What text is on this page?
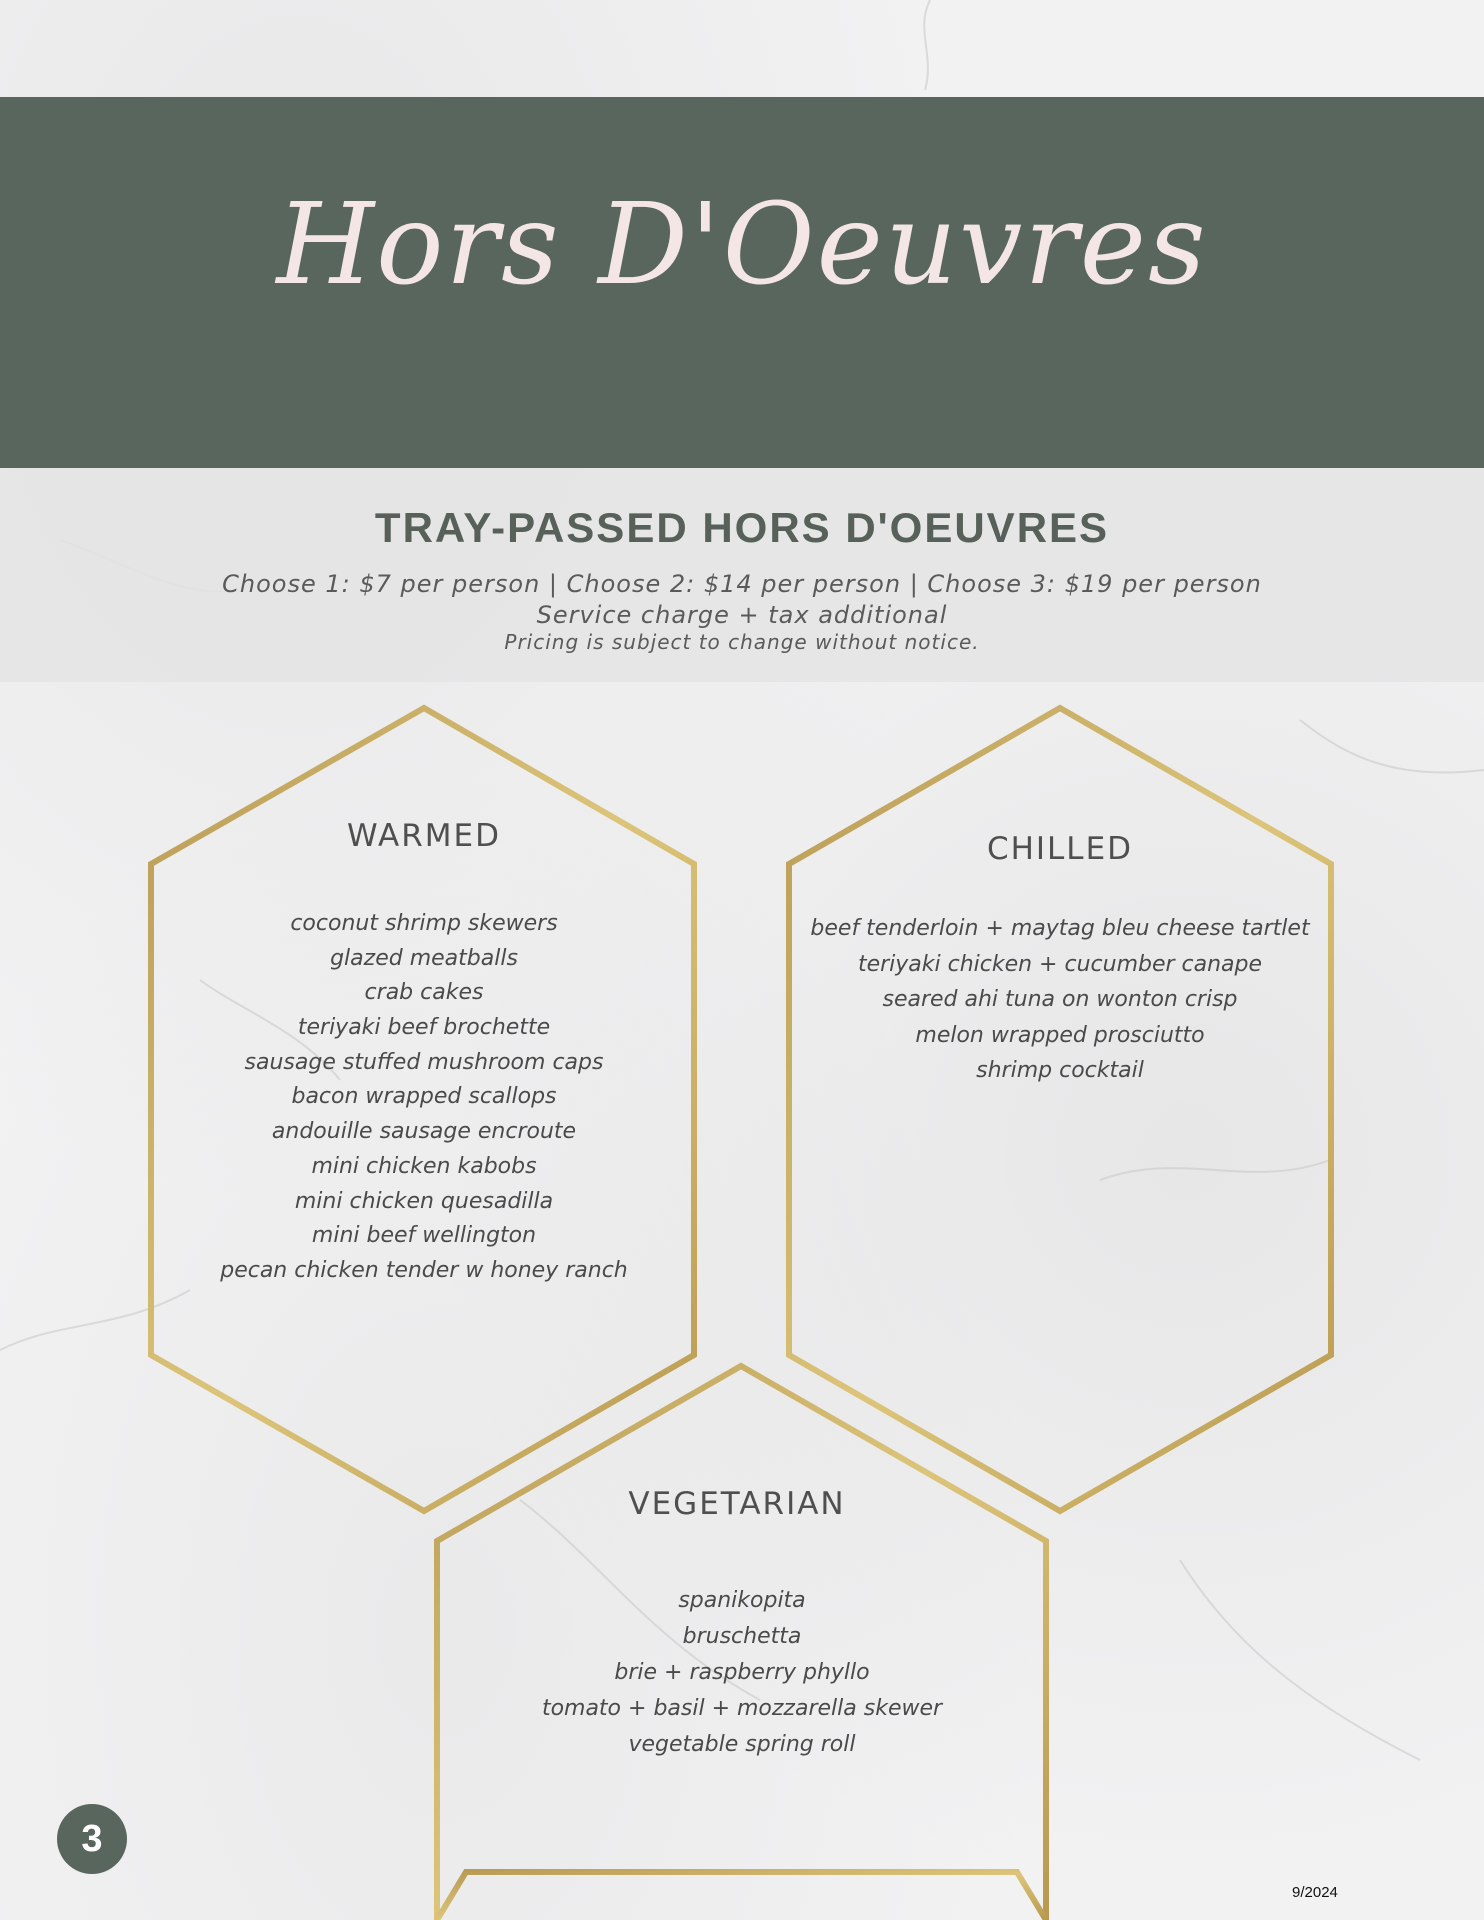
Hors D'Oeuvres
TRAY-PASSED HORS D'OEUVRES
Choose 1: $7 per person | Choose 2: $14 per person | Choose 3: $19 per person
Service charge + tax additional
Pricing is subject to change without notice.
WARMED
coconut shrimp skewers
glazed meatballs
crab cakes
teriyaki beef brochette
sausage stuffed mushroom caps
bacon wrapped scallops
andouille sausage encroute
mini chicken kabobs
mini chicken quesadilla
mini beef wellington
pecan chicken tender w honey ranch
CHILLED
beef tenderloin + maytag bleu cheese tartlet
teriyaki chicken + cucumber canape
seared ahi tuna on wonton crisp
melon wrapped prosciutto
shrimp cocktail
VEGETARIAN
spanikopita
bruschetta
brie + raspberry phyllo
tomato + basil + mozzarella skewer
vegetable spring roll
3
9/2024
